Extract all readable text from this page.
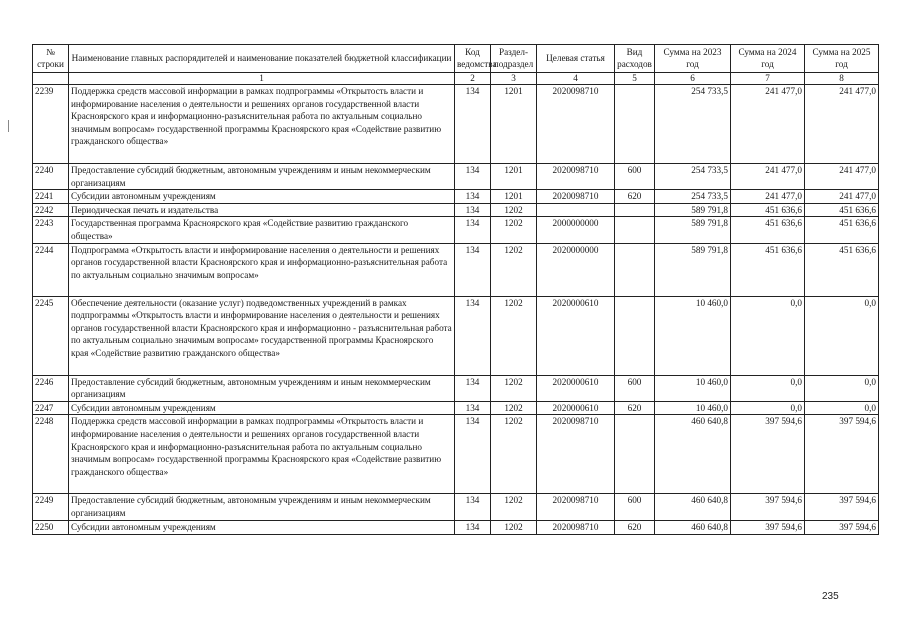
№ строки	Наименование главных распорядителей и наименование показателей бюджетной классификации	Код ведомства	Раздел-подраздел	Целевая статья	Вид расходов	Сумма на 2023 год	Сумма на 2024 год	Сумма на 2025 год
	1	2	3	4	5	6	7	8
2239	Поддержка средств массовой информации в рамках подпрограммы «Открытость власти и информирование населения о деятельности и решениях органов государственной власти Красноярского края и информационно-разъяснительная работа по актуальным социально значимым вопросам» государственной программы Красноярского края «Содействие развитию гражданского общества»	134	1201	2020098710		254 733,5	241 477,0	241 477,0
2240	Предоставление субсидий бюджетным, автономным учреждениям и иным некоммерческим организациям	134	1201	2020098710	600	254 733,5	241 477,0	241 477,0
2241	Субсидии автономным учреждениям	134	1201	2020098710	620	254 733,5	241 477,0	241 477,0
2242	Периодическая печать и издательства	134	1202			589 791,8	451 636,6	451 636,6
2243	Государственная программа Красноярского края «Содействие развитию гражданского общества»	134	1202	2000000000		589 791,8	451 636,6	451 636,6
2244	Подпрограмма «Открытость власти и информирование населения о деятельности и решениях органов государственной власти Красноярского края и информационно-разъяснительная работа по актуальным социально значимым вопросам»	134	1202	2020000000		589 791,8	451 636,6	451 636,6
2245	Обеспечение деятельности (оказание услуг) подведомственных учреждений в рамках подпрограммы «Открытость власти и информирование населения о деятельности и решениях органов государственной власти Красноярского края и информационно - разъяснительная работа по актуальным социально значимым вопросам» государственной программы Красноярского края «Содействие развитию гражданского общества»	134	1202	2020000610		10 460,0	0,0	0,0
2246	Предоставление субсидий бюджетным, автономным учреждениям и иным некоммерческим организациям	134	1202	2020000610	600	10 460,0	0,0	0,0
2247	Субсидии автономным учреждениям	134	1202	2020000610	620	10 460,0	0,0	0,0
2248	Поддержка средств массовой информации в рамках подпрограммы «Открытость власти и информирование населения о деятельности и решениях органов государственной власти Красноярского края и информационно-разъяснительная работа по актуальным социально значимым вопросам» государственной программы Красноярского края «Содействие развитию гражданского общества»	134	1202	2020098710		460 640,8	397 594,6	397 594,6
2249	Предоставление субсидий бюджетным, автономным учреждениям и иным некоммерческим организациям	134	1202	2020098710	600	460 640,8	397 594,6	397 594,6
2250	Субсидии автономным учреждениям	134	1202	2020098710	620	460 640,8	397 594,6	397 594,6
235
